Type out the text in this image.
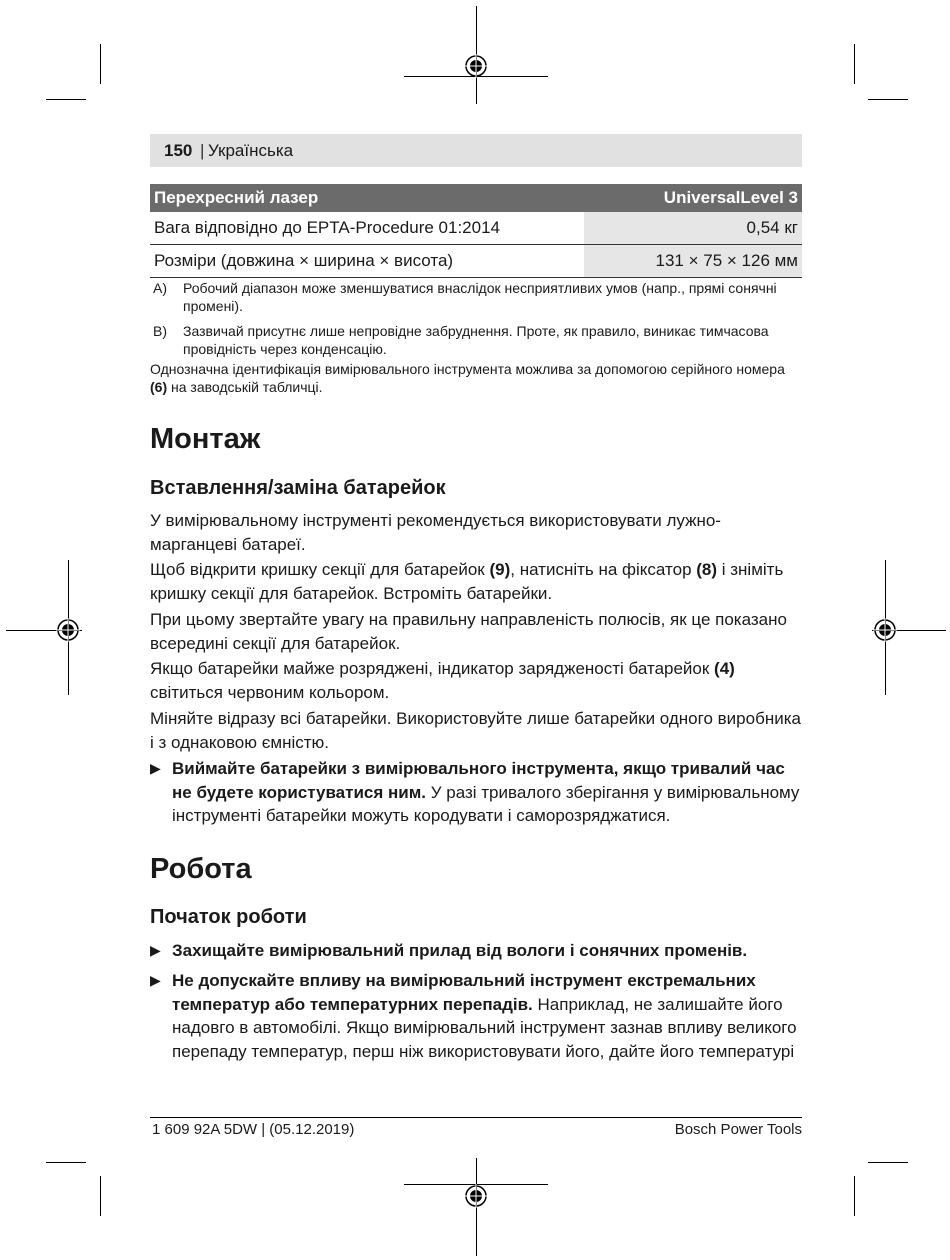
150 | Українська
Перехресний лазер	UniversalLevel 3
Вага відповідно до EPTA‑Procedure 01:2014	0,54 кг
Розміри (довжина × ширина × висота)	131 × 75 × 126 мм
A) Робочий діапазон може зменшуватися внаслідок несприятливих умов (напр., прямі сонячні промені).
B) Зазвичай присутнє лише непровідне забруднення. Проте, як правило, виникає тимчасова провідність через конденсацію.
Однозначна ідентифікація вимірювального інструмента можлива за допомогою серійного номера (6) на заводській табличці.
Монтаж
Вставлення/заміна батарейок
У вимірювальному інструменті рекомендується використовувати лужно-марганцеві батареї.
Щоб відкрити кришку секції для батарейок (9), натисніть на фіксатор (8) і зніміть кришку секції для батарейок. Встроміть батарейки.
При цьому звертайте увагу на правильну направленість полюсів, як це показано всередині секції для батарейок.
Якщо батарейки майже розряджені, індикатор зарядженості батарейок (4) світиться червоним кольором.
Міняйте відразу всі батарейки. Використовуйте лише батарейки одного виробника і з однаковою ємністю.
▶ Виймайте батарейки з вимірювального інструмента, якщо тривалий час не будете користуватися ним. У разі тривалого зберігання у вимірювальному інструменті батарейки можуть кородувати і саморозряджатися.
Робота
Початок роботи
▶ Захищайте вимірювальний прилад від вологи і сонячних променів.
▶ Не допускайте впливу на вимірювальний інструмент екстремальних температур або температурних перепадів. Наприклад, не залишайте його надовго в автомобілі. Якщо вимірювальний інструмент зазнав впливу великого перепаду температур, перш ніж використовувати його, дайте його температурі
1 609 92A 5DW | (05.12.2019)	Bosch Power Tools
